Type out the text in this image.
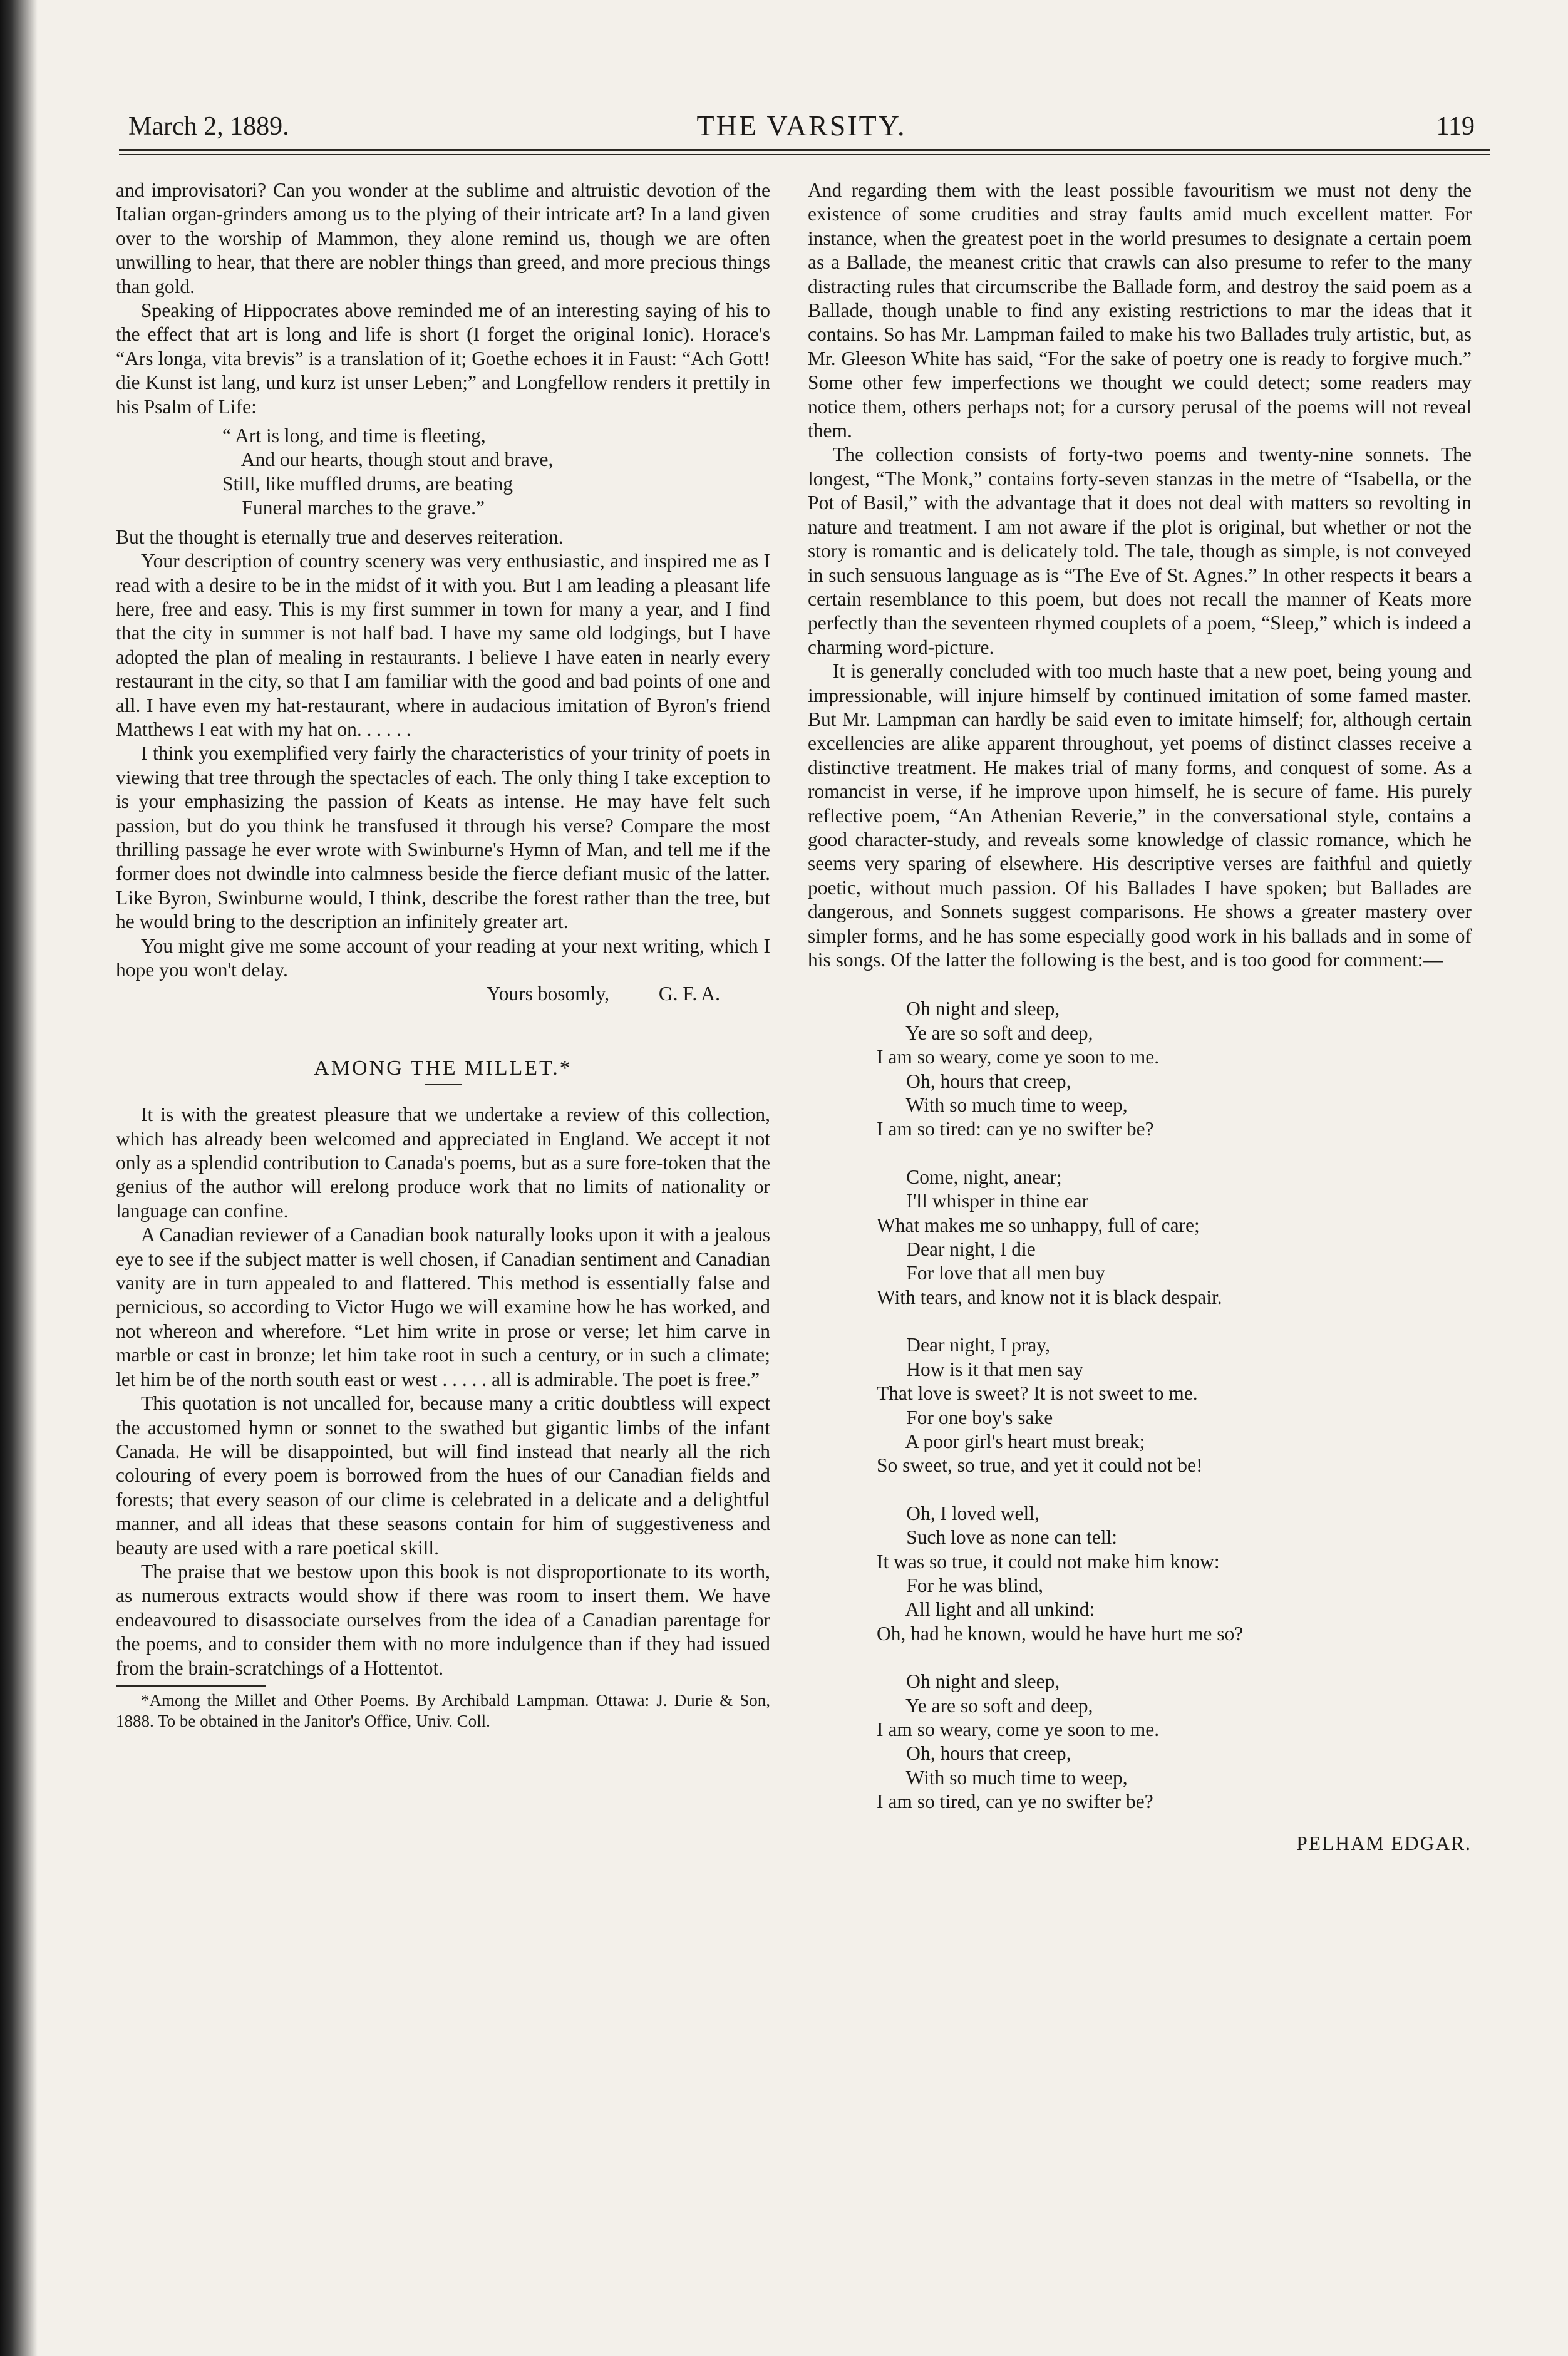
March 2, 1889.	THE VARSITY.	119

and improvisatori? Can you wonder at the sublime and altruistic devotion of the Italian organ-grinders among us to the plying of their intricate art? In a land given over to the worship of Mammon, they alone remind us, though we are often unwilling to hear, that there are nobler things than greed, and more precious things than gold.

Speaking of Hippocrates above reminded me of an interesting saying of his to the effect that art is long and life is short (I forget the original Ionic). Horace's “Ars longa, vita brevis” is a translation of it; Goethe echoes it in Faust: “Ach Gott! die Kunst ist lang, und kurz ist unser Leben;” and Longfellow renders it prettily in his Psalm of Life:

“ Art is long, and time is fleeting,
And our hearts, though stout and brave,
Still, like muffled drums, are beating
Funeral marches to the grave.”

But the thought is eternally true and deserves reiteration.

Your description of country scenery was very enthusiastic, and inspired me as I read with a desire to be in the midst of it with you. But I am leading a pleasant life here, free and easy. This is my first summer in town for many a year, and I find that the city in summer is not half bad. I have my same old lodgings, but I have adopted the plan of mealing in restaurants. I believe I have eaten in nearly every restaurant in the city, so that I am familiar with the good and bad points of one and all. I have even my hat-restaurant, where in audacious imitation of Byron's friend Matthews I eat with my hat on. . . . . .

I think you exemplified very fairly the characteristics of your trinity of poets in viewing that tree through the spectacles of each. The only thing I take exception to is your emphasizing the passion of Keats as intense. He may have felt such passion, but do you think he transfused it through his verse? Compare the most thrilling passage he ever wrote with Swinburne's Hymn of Man, and tell me if the former does not dwindle into calmness beside the fierce defiant music of the latter. Like Byron, Swinburne would, I think, describe the forest rather than the tree, but he would bring to the description an infinitely greater art.

You might give me some account of your reading at your next writing, which I hope you won't delay.

Yours bosomly,          G. F. A.
AMONG THE MILLET.*

It is with the greatest pleasure that we undertake a review of this collection, which has already been welcomed and appreciated in England. We accept it not only as a splendid contribution to Canada's poems, but as a sure fore-token that the genius of the author will erelong produce work that no limits of nationality or language can confine.

A Canadian reviewer of a Canadian book naturally looks upon it with a jealous eye to see if the subject matter is well chosen, if Canadian sentiment and Canadian vanity are in turn appealed to and flattered. This method is essentially false and pernicious, so according to Victor Hugo we will examine how he has worked, and not whereon and wherefore. “Let him write in prose or verse; let him carve in marble or cast in bronze; let him take root in such a century, or in such a climate; let him be of the north south east or west . . . . . all is admirable. The poet is free.”

This quotation is not uncalled for, because many a critic doubtless will expect the accustomed hymn or sonnet to the swathed but gigantic limbs of the infant Canada. He will be disappointed, but will find instead that nearly all the rich colouring of every poem is borrowed from the hues of our Canadian fields and forests; that every season of our clime is celebrated in a delicate and a delightful manner, and all ideas that these seasons contain for him of suggestiveness and beauty are used with a rare poetical skill.

The praise that we bestow upon this book is not disproportionate to its worth, as numerous extracts would show if there was room to insert them. We have endeavoured to disassociate ourselves from the idea of a Canadian parentage for the poems, and to consider them with no more indulgence than if they had issued from the brain-scratchings of a Hottentot.

*Among the Millet and Other Poems. By Archibald Lampman. Ottawa: J. Durie & Son, 1888. To be obtained in the Janitor's Office, Univ. Coll.

And regarding them with the least possible favouritism we must not deny the existence of some crudities and stray faults amid much excellent matter. For instance, when the greatest poet in the world presumes to designate a certain poem as a Ballade, the meanest critic that crawls can also presume to refer to the many distracting rules that circumscribe the Ballade form, and destroy the said poem as a Ballade, though unable to find any existing restrictions to mar the ideas that it contains. So has Mr. Lampman failed to make his two Ballades truly artistic, but, as Mr. Gleeson White has said, “For the sake of poetry one is ready to forgive much.” Some other few imperfections we thought we could detect; some readers may notice them, others perhaps not; for a cursory perusal of the poems will not reveal them.

The collection consists of forty-two poems and twenty-nine sonnets. The longest, “The Monk,” contains forty-seven stanzas in the metre of “Isabella, or the Pot of Basil,” with the advantage that it does not deal with matters so revolting in nature and treatment. I am not aware if the plot is original, but whether or not the story is romantic and is delicately told. The tale, though as simple, is not conveyed in such sensuous language as is “The Eve of St. Agnes.” In other respects it bears a certain resemblance to this poem, but does not recall the manner of Keats more perfectly than the seventeen rhymed couplets of a poem, “Sleep,” which is indeed a charming word-picture.

It is generally concluded with too much haste that a new poet, being young and impressionable, will injure himself by continued imitation of some famed master. But Mr. Lampman can hardly be said even to imitate himself; for, although certain excellencies are alike apparent throughout, yet poems of distinct classes receive a distinctive treatment. He makes trial of many forms, and conquest of some. As a romancist in verse, if he improve upon himself, he is secure of fame. His purely reflective poem, “An Athenian Reverie,” in the conversational style, contains a good character-study, and reveals some knowledge of classic romance, which he seems very sparing of elsewhere. His descriptive verses are faithful and quietly poetic, without much passion. Of his Ballades I have spoken; but Ballades are dangerous, and Sonnets suggest comparisons. He shows a greater mastery over simpler forms, and he has some especially good work in his ballads and in some of his songs. Of the latter the following is the best, and is too good for comment:—

Oh night and sleep,
Ye are so soft and deep,
I am so weary, come ye soon to me.
Oh, hours that creep,
With so much time to weep,
I am so tired: can ye no swifter be?
Come, night, anear;
I'll whisper in thine ear
What makes me so unhappy, full of care;
Dear night, I die
For love that all men buy
With tears, and know not it is black despair.
Dear night, I pray,
How is it that men say
That love is sweet? It is not sweet to me.
For one boy's sake
A poor girl's heart must break;
So sweet, so true, and yet it could not be!
Oh, I loved well,
Such love as none can tell:
It was so true, it could not make him know:
For he was blind,
All light and all unkind:
Oh, had he known, would he have hurt me so?
Oh night and sleep,
Ye are so soft and deep,
I am so weary, come ye soon to me.
Oh, hours that creep,
With so much time to weep,
I am so tired, can ye no swifter be?
PELHAM EDGAR.
